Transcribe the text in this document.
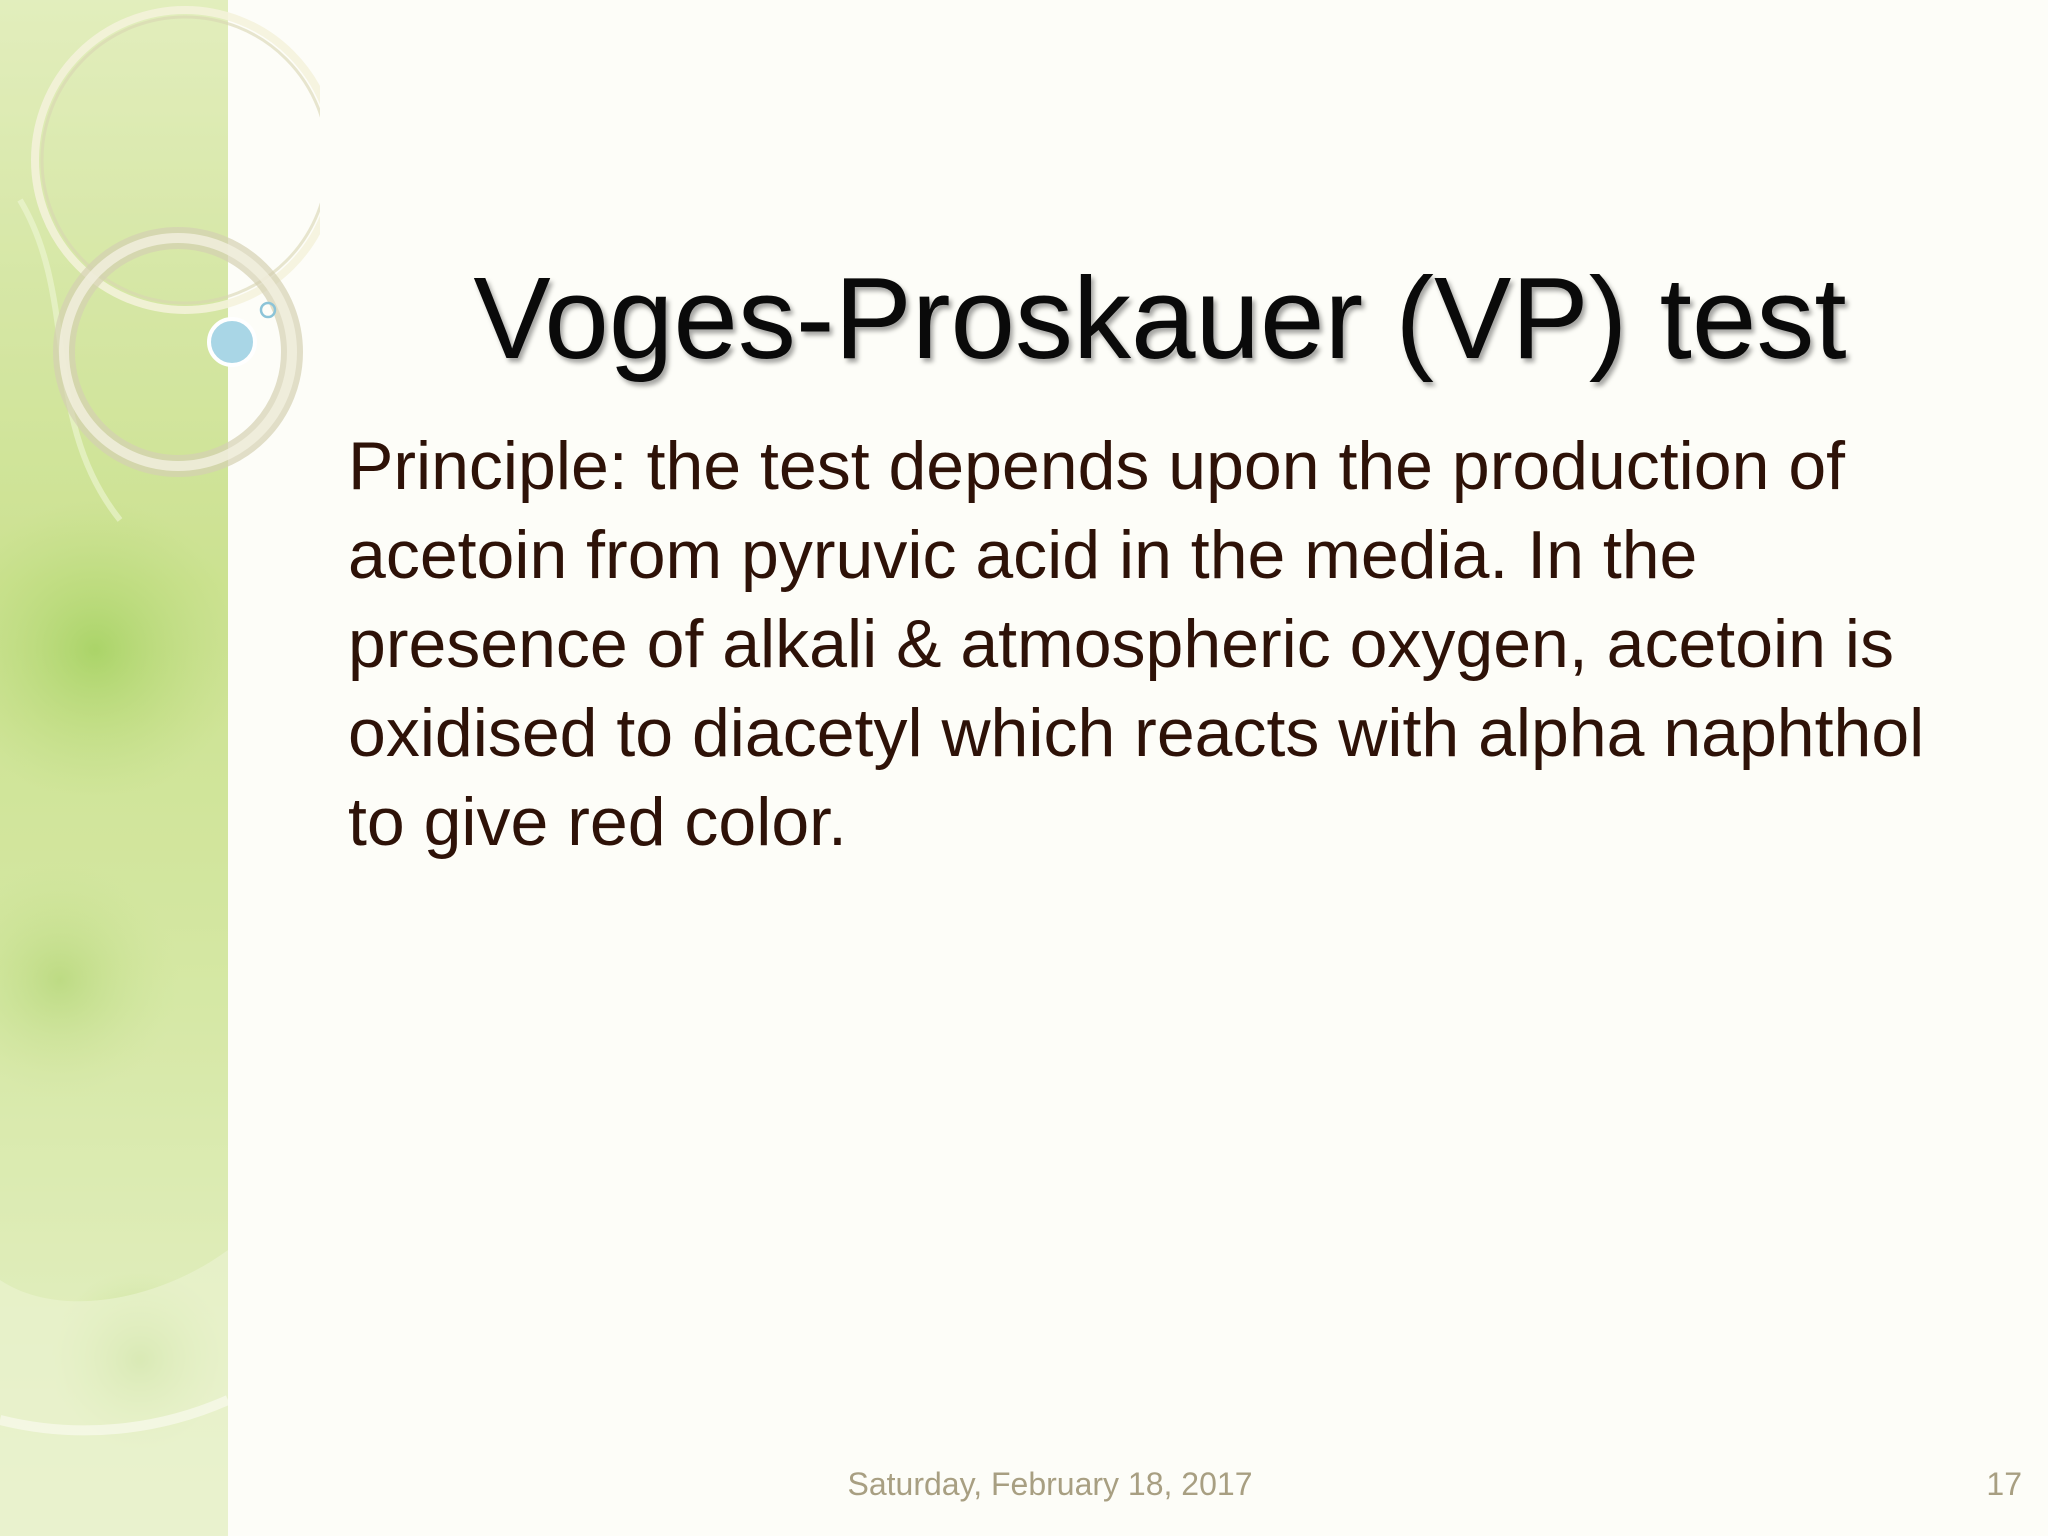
Voges-Proskauer (VP) test
Principle: the test depends upon the production of acetoin from pyruvic acid in the media. In the presence of alkali & atmospheric oxygen, acetoin is oxidised to diacetyl which reacts with alpha naphthol to give red color.
Saturday, February 18, 2017	17
